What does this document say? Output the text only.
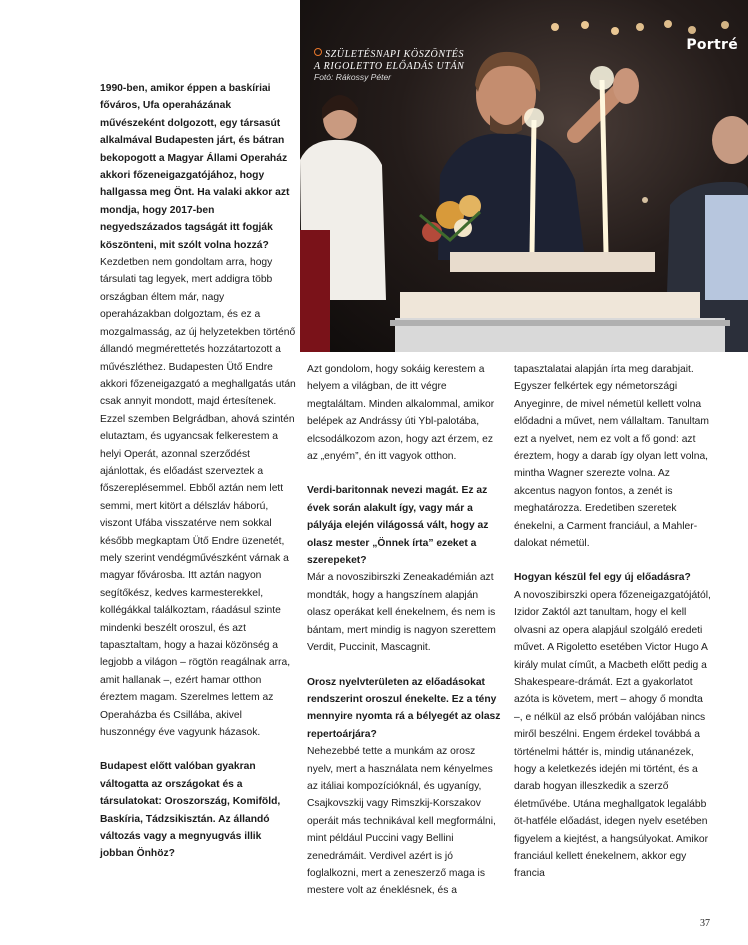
Portré
SZÜLETÉSNAPI KÖSZÖNTÉS
A RIGOLETTO ELŐADÁS UTÁN
Fotó: Rákossy Péter

1990-ben, amikor éppen a baskíriai főváros, Ufa operaházának művészeként dolgozott, egy társasút alkalmával Budapesten járt, és bátran bekopogott a Magyar Állami Operaház akkori főzeneigazgatójához, hogy hallgassa meg Önt. Ha valaki akkor azt mondja, hogy 2017-ben negyedszázados tagságát itt fogják köszönteni, mit szólt volna hozzá?

Kezdetben nem gondoltam arra, hogy társulati tag legyek, mert addigra több országban éltem már, nagy operaházakban dolgoztam, és ez a mozgalmasság, az új helyzetekben történő állandó megmérettetés hozzátartozott a művészléthez. Budapesten Ütő Endre akkori főzeneigazgató a meghallgatás után csak annyit mondott, majd értesítenek. Ezzel szemben Belgrádban, ahová szintén elutaztam, és ugyancsak felkerestem a helyi Operát, azonnal szerződést ajánlottak, és előadást szerveztek a főszereplésemmel. Ebből aztán nem lett semmi, mert kitört a délszláv háború, viszont Ufába visszatérve nem sokkal később megkaptam Ütő Endre üzenetét, mely szerint vendégművészként várnak a magyar fővárosba. Itt aztán nagyon segítőkész, kedves karmesterekkel, kollégákkal találkoztam, ráadásul szinte mindenki beszélt oroszul, és azt tapasztaltam, hogy a hazai közönség a legjobb a világon – rögtön reagálnak arra, amit hallanak –, ezért hamar otthon éreztem magam. Szerelmes lettem az Operaházba és Csillába, akivel huszonnégy éve vagyunk házasok.

Budapest előtt valóban gyakran váltogatta az országokat és a társulatokat: Oroszország, Komiföld, Baskíria, Tádzsikisztán. Az állandó változás vagy a megnyugvás illik jobban Önhöz?

Azt gondolom, hogy sokáig kerestem a helyem a világban, de itt végre megtaláltam. Minden alkalommal, amikor belépek az Andrássy úti Ybl-palotába, elcsodálkozom azon, hogy azt érzem, ez az „enyém”, én itt vagyok otthon.

Verdi-baritonnak nevezi magát. Ez az évek során alakult így, vagy már a pályája elején világossá vált, hogy az olasz mester „Önnek írta” ezeket a szerepeket?

Már a novoszibirszki Zeneakadémián azt mondták, hogy a hangszínem alapján olasz operákat kell énekelnem, és nem is bántam, mert mindig is nagyon szerettem Verdit, Puccinit, Mascagnit.

Orosz nyelvterületen az előadásokat rendszerint oroszul énekelte. Ez a tény mennyire nyomta rá a bélyegét az olasz repertoárjára?

Nehezebbé tette a munkám az orosz nyelv, mert a használata nem kényelmes az itáliai kompozícióknál, és ugyanígy, Csajkovszkij vagy Rimszkij-Korszakov operáit más technikával kell megformálni, mint például Puccini vagy Bellini zenedrámáit. Verdivel azért is jó foglalkozni, mert a zeneszerző maga is mestere volt az éneklésnek, és a

tapasztalatai alapján írta meg darabjait. Egyszer felkértek egy németországi Anyeginre, de mivel németül kellett volna elődadni a művet, nem vállaltam. Tanultam ezt a nyelvet, nem ez volt a fő gond: azt éreztem, hogy a darab így olyan lett volna, mintha Wagner szerezte volna. Az akcentus nagyon fontos, a zenét is meghatározza. Eredetiben szeretek énekelni, a Carment franciául, a Mahler-dalokat németül.

Hogyan készül fel egy új előadásra?

A novoszibirszki opera főzeneigazgatójától, Izidor Zaktól azt tanultam, hogy el kell olvasni az opera alapjául szolgáló eredeti művet. A Rigoletto esetében Victor Hugo A király mulat címűt, a Macbeth előtt pedig a Shakespeare-drámát. Ezt a gyakorlatot azóta is követem, mert – ahogy ő mondta –, e nélkül az első próbán valójában nincs miről beszélni. Engem érdekel továbbá a történelmi háttér is, mindig utánanézek, hogy a keletkezés idején mi történt, és a darab hogyan illeszkedik a szerző életművébe. Utána meghallgatok legalább öt-hatféle előadást, idegen nyelv esetében figyelem a kiejtést, a hangsúlyokat. Amikor franciául kellett énekelnem, akkor egy francia

37
